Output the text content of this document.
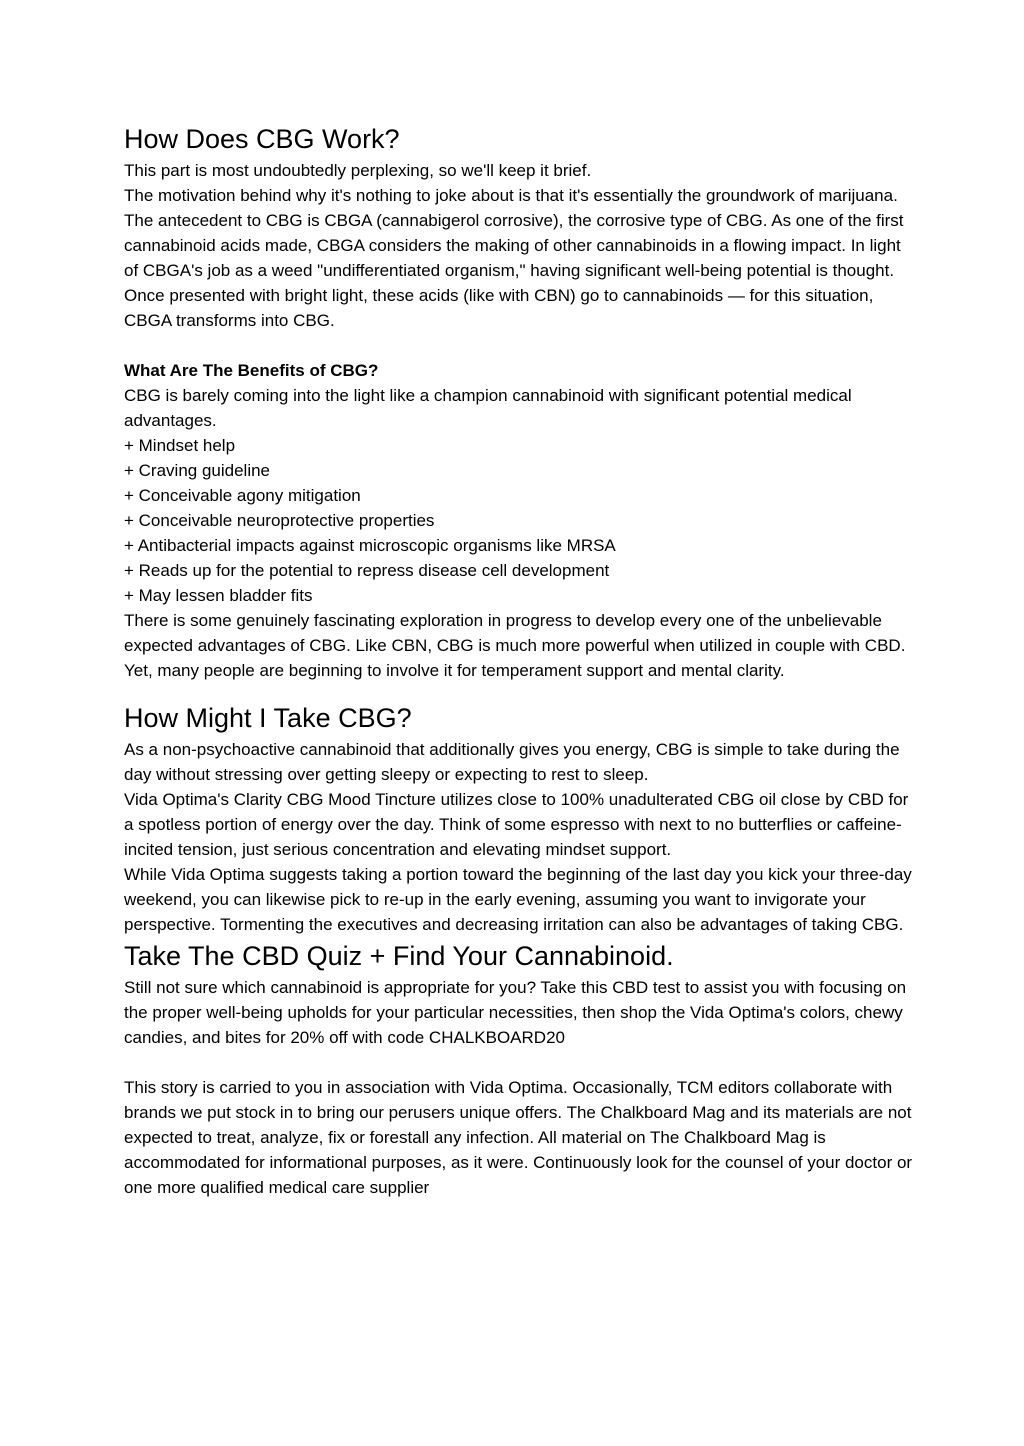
How Does CBG Work?

This part is most undoubtedly perplexing, so we'll keep it brief.

The motivation behind why it's nothing to joke about is that it's essentially the groundwork of marijuana. The antecedent to CBG is CBGA (cannabigerol corrosive), the corrosive type of CBG. As one of the first cannabinoid acids made, CBGA considers the making of other cannabinoids in a flowing impact. In light of CBGA's job as a weed "undifferentiated organism," having significant well-being potential is thought.

Once presented with bright light, these acids (like with CBN) go to cannabinoids — for this situation, CBGA transforms into CBG.

What Are The Benefits of CBG?

CBG is barely coming into the light like a champion cannabinoid with significant potential medical advantages.

+ Mindset help
+ Craving guideline
+ Conceivable agony mitigation
+ Conceivable neuroprotective properties
+ Antibacterial impacts against microscopic organisms like MRSA
+ Reads up for the potential to repress disease cell development
+ May lessen bladder fits

There is some genuinely fascinating exploration in progress to develop every one of the unbelievable expected advantages of CBG. Like CBN, CBG is much more powerful when utilized in couple with CBD. Yet, many people are beginning to involve it for temperament support and mental clarity.

How Might I Take CBG?

As a non-psychoactive cannabinoid that additionally gives you energy, CBG is simple to take during the day without stressing over getting sleepy or expecting to rest to sleep.

Vida Optima's Clarity CBG Mood Tincture utilizes close to 100% unadulterated CBG oil close by CBD for a spotless portion of energy over the day. Think of some espresso with next to no butterflies or caffeine-incited tension, just serious concentration and elevating mindset support.

While Vida Optima suggests taking a portion toward the beginning of the last day you kick your three-day weekend, you can likewise pick to re-up in the early evening, assuming you want to invigorate your perspective. Tormenting the executives and decreasing irritation can also be advantages of taking CBG.

Take The CBD Quiz + Find Your Cannabinoid.

Still not sure which cannabinoid is appropriate for you? Take this CBD test to assist you with focusing on the proper well-being upholds for your particular necessities, then shop the Vida Optima's colors, chewy candies, and bites for 20% off with code CHALKBOARD20

This story is carried to you in association with Vida Optima. Occasionally, TCM editors collaborate with brands we put stock in to bring our perusers unique offers. The Chalkboard Mag and its materials are not expected to treat, analyze, fix or forestall any infection. All material on The Chalkboard Mag is accommodated for informational purposes, as it were. Continuously look for the counsel of your doctor or one more qualified medical care supplier
